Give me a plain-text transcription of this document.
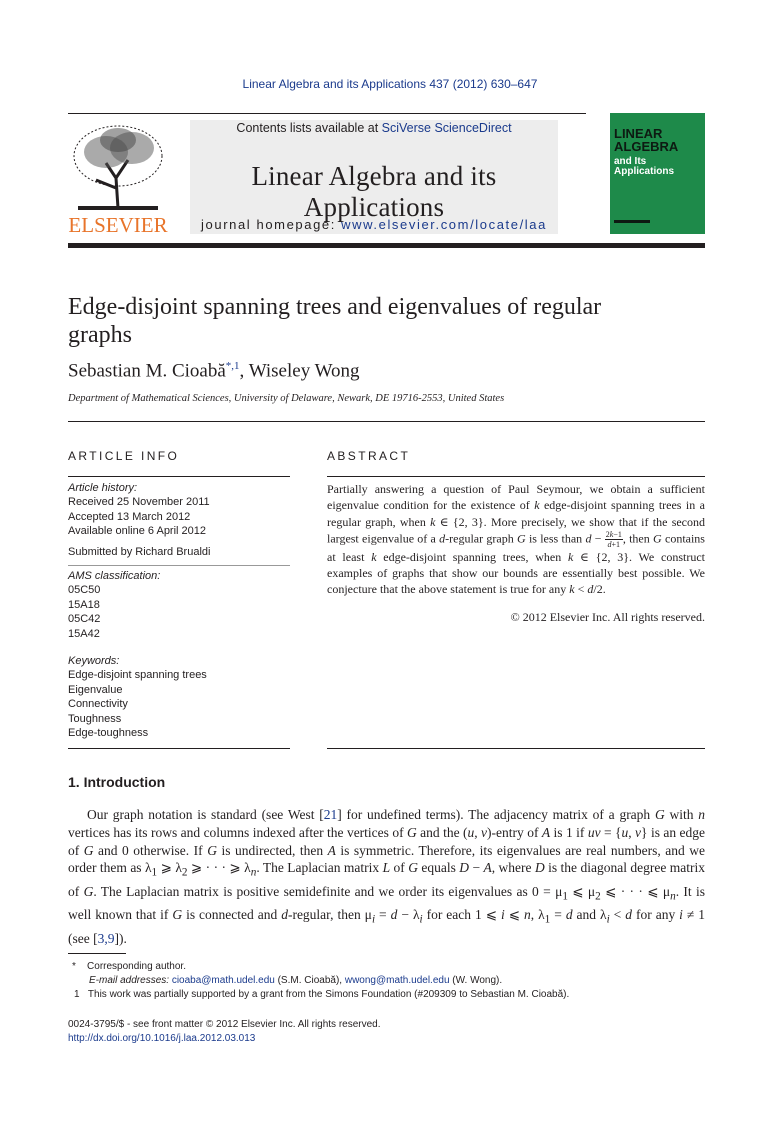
Linear Algebra and its Applications 437 (2012) 630–647
ELSEVIER
Contents lists available at SciVerse ScienceDirect
Linear Algebra and its Applications
journal homepage: www.elsevier.com/locate/laa
LINEAR ALGEBRA
and Its Applications
Edge-disjoint spanning trees and eigenvalues of regular graphs
Sebastian M. Cioabă$^{*,1}$, Wiseley Wong
Department of Mathematical Sciences, University of Delaware, Newark, DE 19716-2553, United States
ARTICLE INFO	ABSTRACT
Article history:
Received 25 November 2011
Accepted 13 March 2012
Available online 6 April 2012
Submitted by Richard Brualdi
AMS classification:
05C50
15A18
05C42
15A42
Keywords:
Edge-disjoint spanning trees
Eigenvalue
Connectivity
Toughness
Edge-toughness
Partially answering a question of Paul Seymour, we obtain a sufficient eigenvalue condition for the existence of k edge-disjoint spanning trees in a regular graph, when k ∈ {2, 3}. More precisely, we show that if the second largest eigenvalue of a d-regular graph G is less than $d - \frac{2k-1}{d+1}$ , then G contains at least k edge-disjoint spanning trees, when k ∈ {2, 3}. We construct examples of graphs that show our bounds are essentially best possible. We conjecture that the above statement is true for any k < d/2.
© 2012 Elsevier Inc. All rights reserved.
1. Introduction
Our graph notation is standard (see West [21] for undefined terms). The adjacency matrix of a graph G with n vertices has its rows and columns indexed after the vertices of G and the (u, v)-entry of A is 1 if uv = {u, v} is an edge of G and 0 otherwise. If G is undirected, then A is symmetric. Therefore, its eigenvalues are real numbers, and we order them as $\lambda_1$ ⩾ $\lambda_2$ ⩾ · · · ⩾ $\lambda_n$. The Laplacian matrix L of G equals D − A, where D is the diagonal degree matrix of G. The Laplacian matrix is positive semidefinite and we order its eigenvalues as $0 = \mu_1$ ⩽ $\mu_2$ ⩽ · · · ⩽ $\mu_n$. It is well known that if G is connected and d-regular, then $\mu_i = d - \lambda_i$ for each 1 ⩽ i ⩽ n, $\lambda_1 = d$ and $\lambda_i < d$ for any i ≠ 1 (see [3,9]).
* Corresponding author.
E-mail addresses: cioaba@math.udel.edu (S.M. Cioabă), wwong@math.udel.edu (W. Wong).
1 This work was partially supported by a grant from the Simons Foundation (#209309 to Sebastian M. Cioabă).
0024-3795/$ - see front matter © 2012 Elsevier Inc. All rights reserved.
http://dx.doi.org/10.1016/j.laa.2012.03.013
